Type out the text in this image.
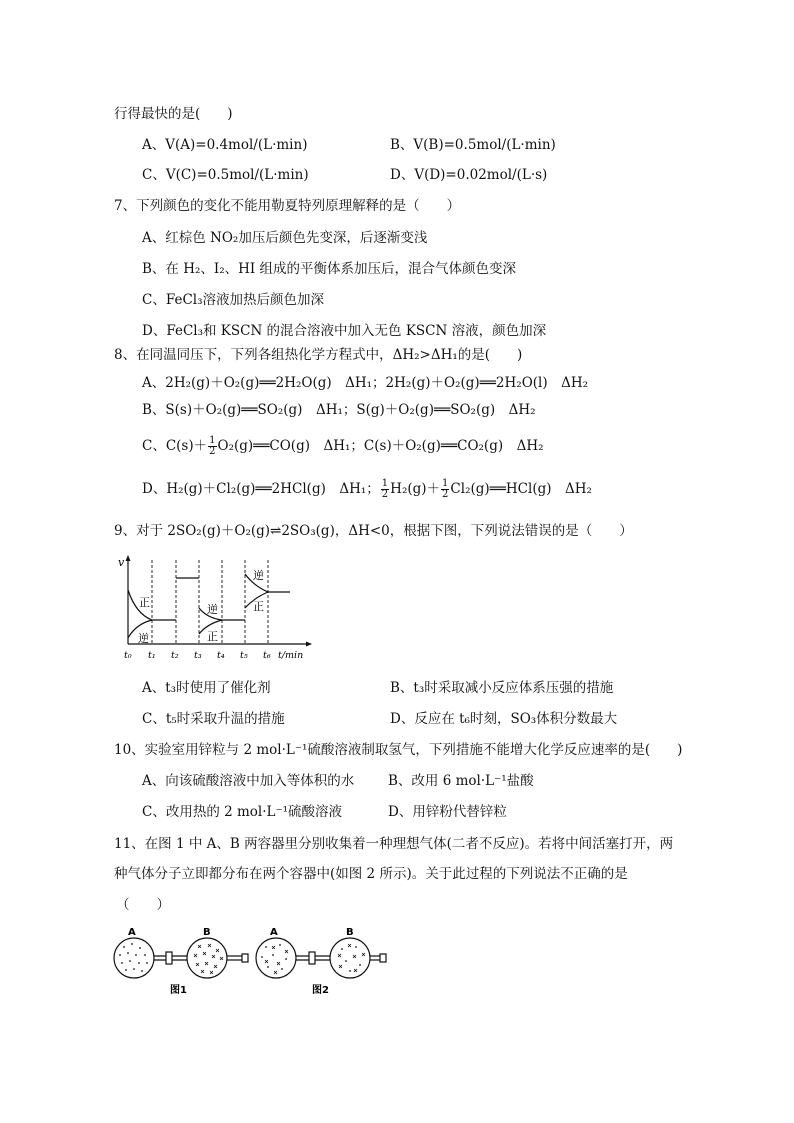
行得最快的是(　　)
A、V(A)=0.4mol/(L·min)	B、V(B)=0.5mol/(L·min)
C、V(C)=0.5mol/(L·min)	D、V(D)=0.02mol/(L·s)
7、下列颜色的变化不能用勒夏特列原理解释的是（　　）
A、红棕色 NO₂加压后颜色先变深，后逐渐变浅
B、在 H₂、I₂、HI 组成的平衡体系加压后，混合气体颜色变深
C、FeCl₃溶液加热后颜色加深
D、FeCl₃和 KSCN 的混合溶液中加入无色 KSCN 溶液，颜色加深
8、在同温同压下，下列各组热化学方程式中，ΔH₂>ΔH₁的是(　　)
A、2H₂(g)＋O₂(g)══2H₂O(g)　ΔH₁；2H₂(g)＋O₂(g)══2H₂O(l)　ΔH₂
B、S(s)＋O₂(g)══SO₂(g)　ΔH₁；S(g)＋O₂(g)══SO₂(g)　ΔH₂
C、$C(s)+ \frac{1}{2}$ O₂(g)══CO(g)　ΔH₁；C(s)＋O₂(g)══CO₂(g)　ΔH₂
D、H₂(g)＋Cl₂(g)══2HCl(g)　ΔH₁； $\frac{1}{2} H_2(g)+ \frac{1}{2}$ Cl₂(g)══HCl(g)　ΔH₂
9、对于 2SO₂(g)＋O₂(g)⇌2SO₃(g)，ΔH<0，根据下图，下列说法错误的是（　　）
v
正
逆
逆
正
逆
正
t₀ t₁ t₂ t₃ t₄ t₅ t₆ t/min
A、t₃时使用了催化剂	B、t₃时采取减小反应体系压强的措施
C、t₅时采取升温的措施	D、反应在 t₆时刻，SO₃体积分数最大
10、实验室用锌粒与 2 mol·L⁻¹硫酸溶液制取氢气，下列措施不能增大化学反应速率的是(　　)
A、向该硫酸溶液中加入等体积的水	B、改用 6 mol·L⁻¹盐酸
C、改用热的 2 mol·L⁻¹硫酸溶液	D、用锌粉代替锌粒
11、在图 1 中 A、B 两容器里分别收集着一种理想气体(二者不反应)。若将中间活塞打开，两
种气体分子立即都分布在两个容器中(如图 2 所示)。关于此过程的下列说法不正确的是
（　　）
A	B	A	B
图1	图2
